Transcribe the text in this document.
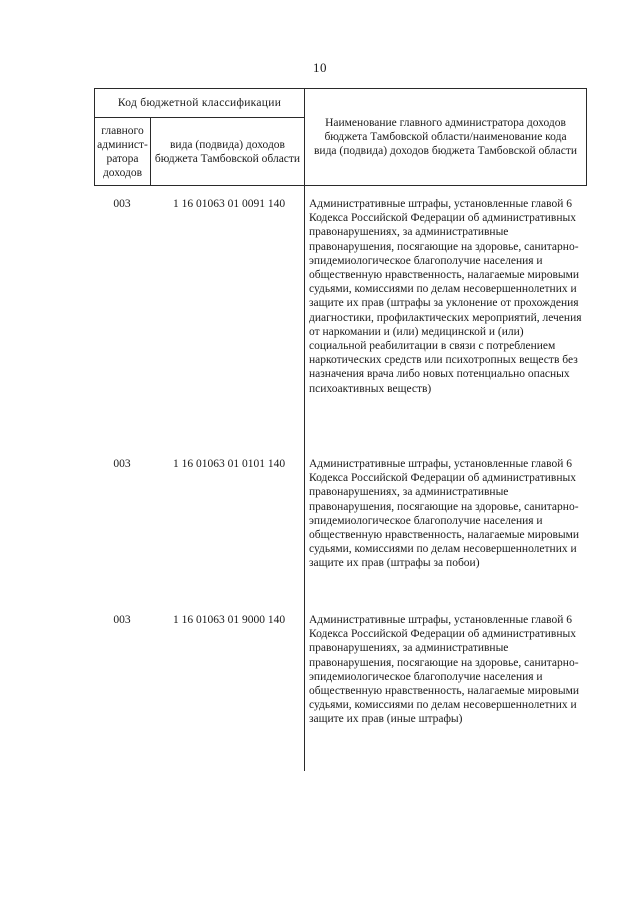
10
Код бюджетной классификации		Наименование главного администратора доходов бюджета Тамбовской области/наименование кода вида (подвида) доходов бюджета Тамбовской области
главного админист-ратора доходов	вида (подвида) доходов бюджета Тамбовской области	
003	1 16 01063 01 0091 140	Административные штрафы, установленные главой 6 Кодекса Российской Федерации об административных правонарушениях, за административные правонарушения, посягающие на здоровье, санитарно-эпидемиологическое благополучие населения и общественную нравственность, налагаемые мировыми судьями, комиссиями по делам несовершеннолетних и защите их прав (штрафы за уклонение от прохождения диагностики, профилактических мероприятий, лечения от наркомании и (или) медицинской и (или) социальной реабилитации в связи с потреблением наркотических средств или психотропных веществ без назначения врача либо новых потенциально опасных психоактивных веществ)
003	1 16 01063 01 0101 140	Административные штрафы, установленные главой 6 Кодекса Российской Федерации об административных правонарушениях, за административные правонарушения, посягающие на здоровье, санитарно-эпидемиологическое благополучие населения и общественную нравственность, налагаемые мировыми судьями, комиссиями по делам несовершеннолетних и защите их прав (штрафы за побои)
003	1 16 01063 01 9000 140	Административные штрафы, установленные главой 6 Кодекса Российской Федерации об административных правонарушениях, за административные правонарушения, посягающие на здоровье, санитарно-эпидемиологическое благополучие населения и общественную нравственность, налагаемые мировыми судьями, комиссиями по делам несовершеннолетних и защите их прав (иные штрафы)
